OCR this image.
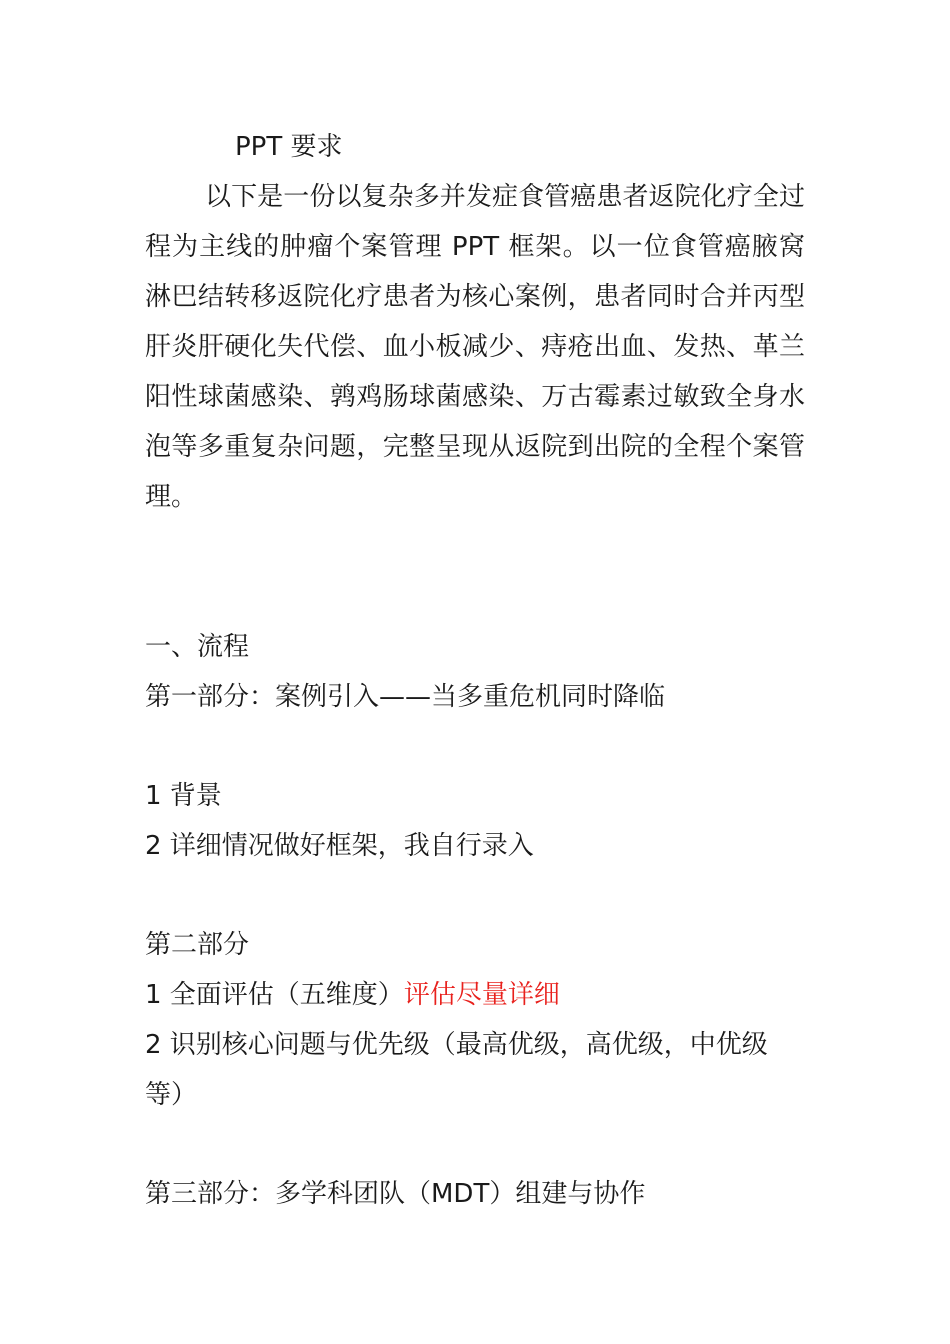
PPT 要求

以下是一份以复杂多并发症食管癌患者返院化疗全过程为主线的肿瘤个案管理 PPT 框架。以一位食管癌腋窝淋巴结转移返院化疗患者为核心案例，患者同时合并丙型肝炎肝硬化失代偿、血小板减少、痔疮出血、发热、革兰阳性球菌感染、鹑鸡肠球菌感染、万古霉素过敏致全身水泡等多重复杂问题，完整呈现从返院到出院的全程个案管理。

一、流程

第一部分：案例引入——当多重危机同时降临

1 背景

2 详细情况做好框架，我自行录入

第二部分

1 全面评估（五维度）评估尽量详细

2 识别核心问题与优先级（最高优级，高优级，中优级等）

第三部分：多学科团队（MDT）组建与协作
